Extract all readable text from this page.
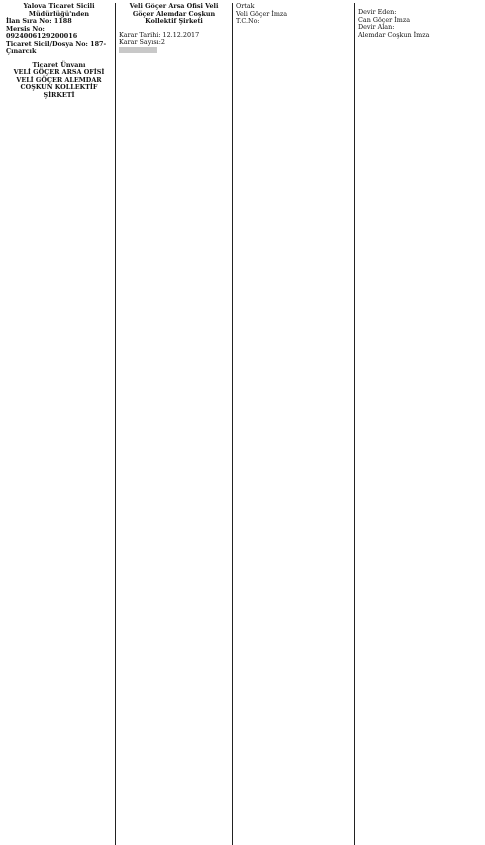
Yalova Ticaret Sicili Müdürlüğü'nden
İlan Sıra No: 1188
Mersis No: 0924006129200016
Ticaret Sicil/Dosya No: 187-Çınarcık
Ticaret Ünvanı
VELİ GÖÇER ARSA OFİSİ VELİ GÖÇER ALEMDAR COŞKUN KOLLEKTİF ŞİRKETİ
Veli Göçer Arsa Ofisi Veli Göçer Alemdar Coşkun Kollektif Şirketi
Karar Tarihi: 12.12.2017
Karar Sayısı:2
Ortak
Veli Göçer İmza
T.C.No:
Devir Eden:
Can Göçer İmza
Devir Alan:
Alemdar Coşkun İmza
